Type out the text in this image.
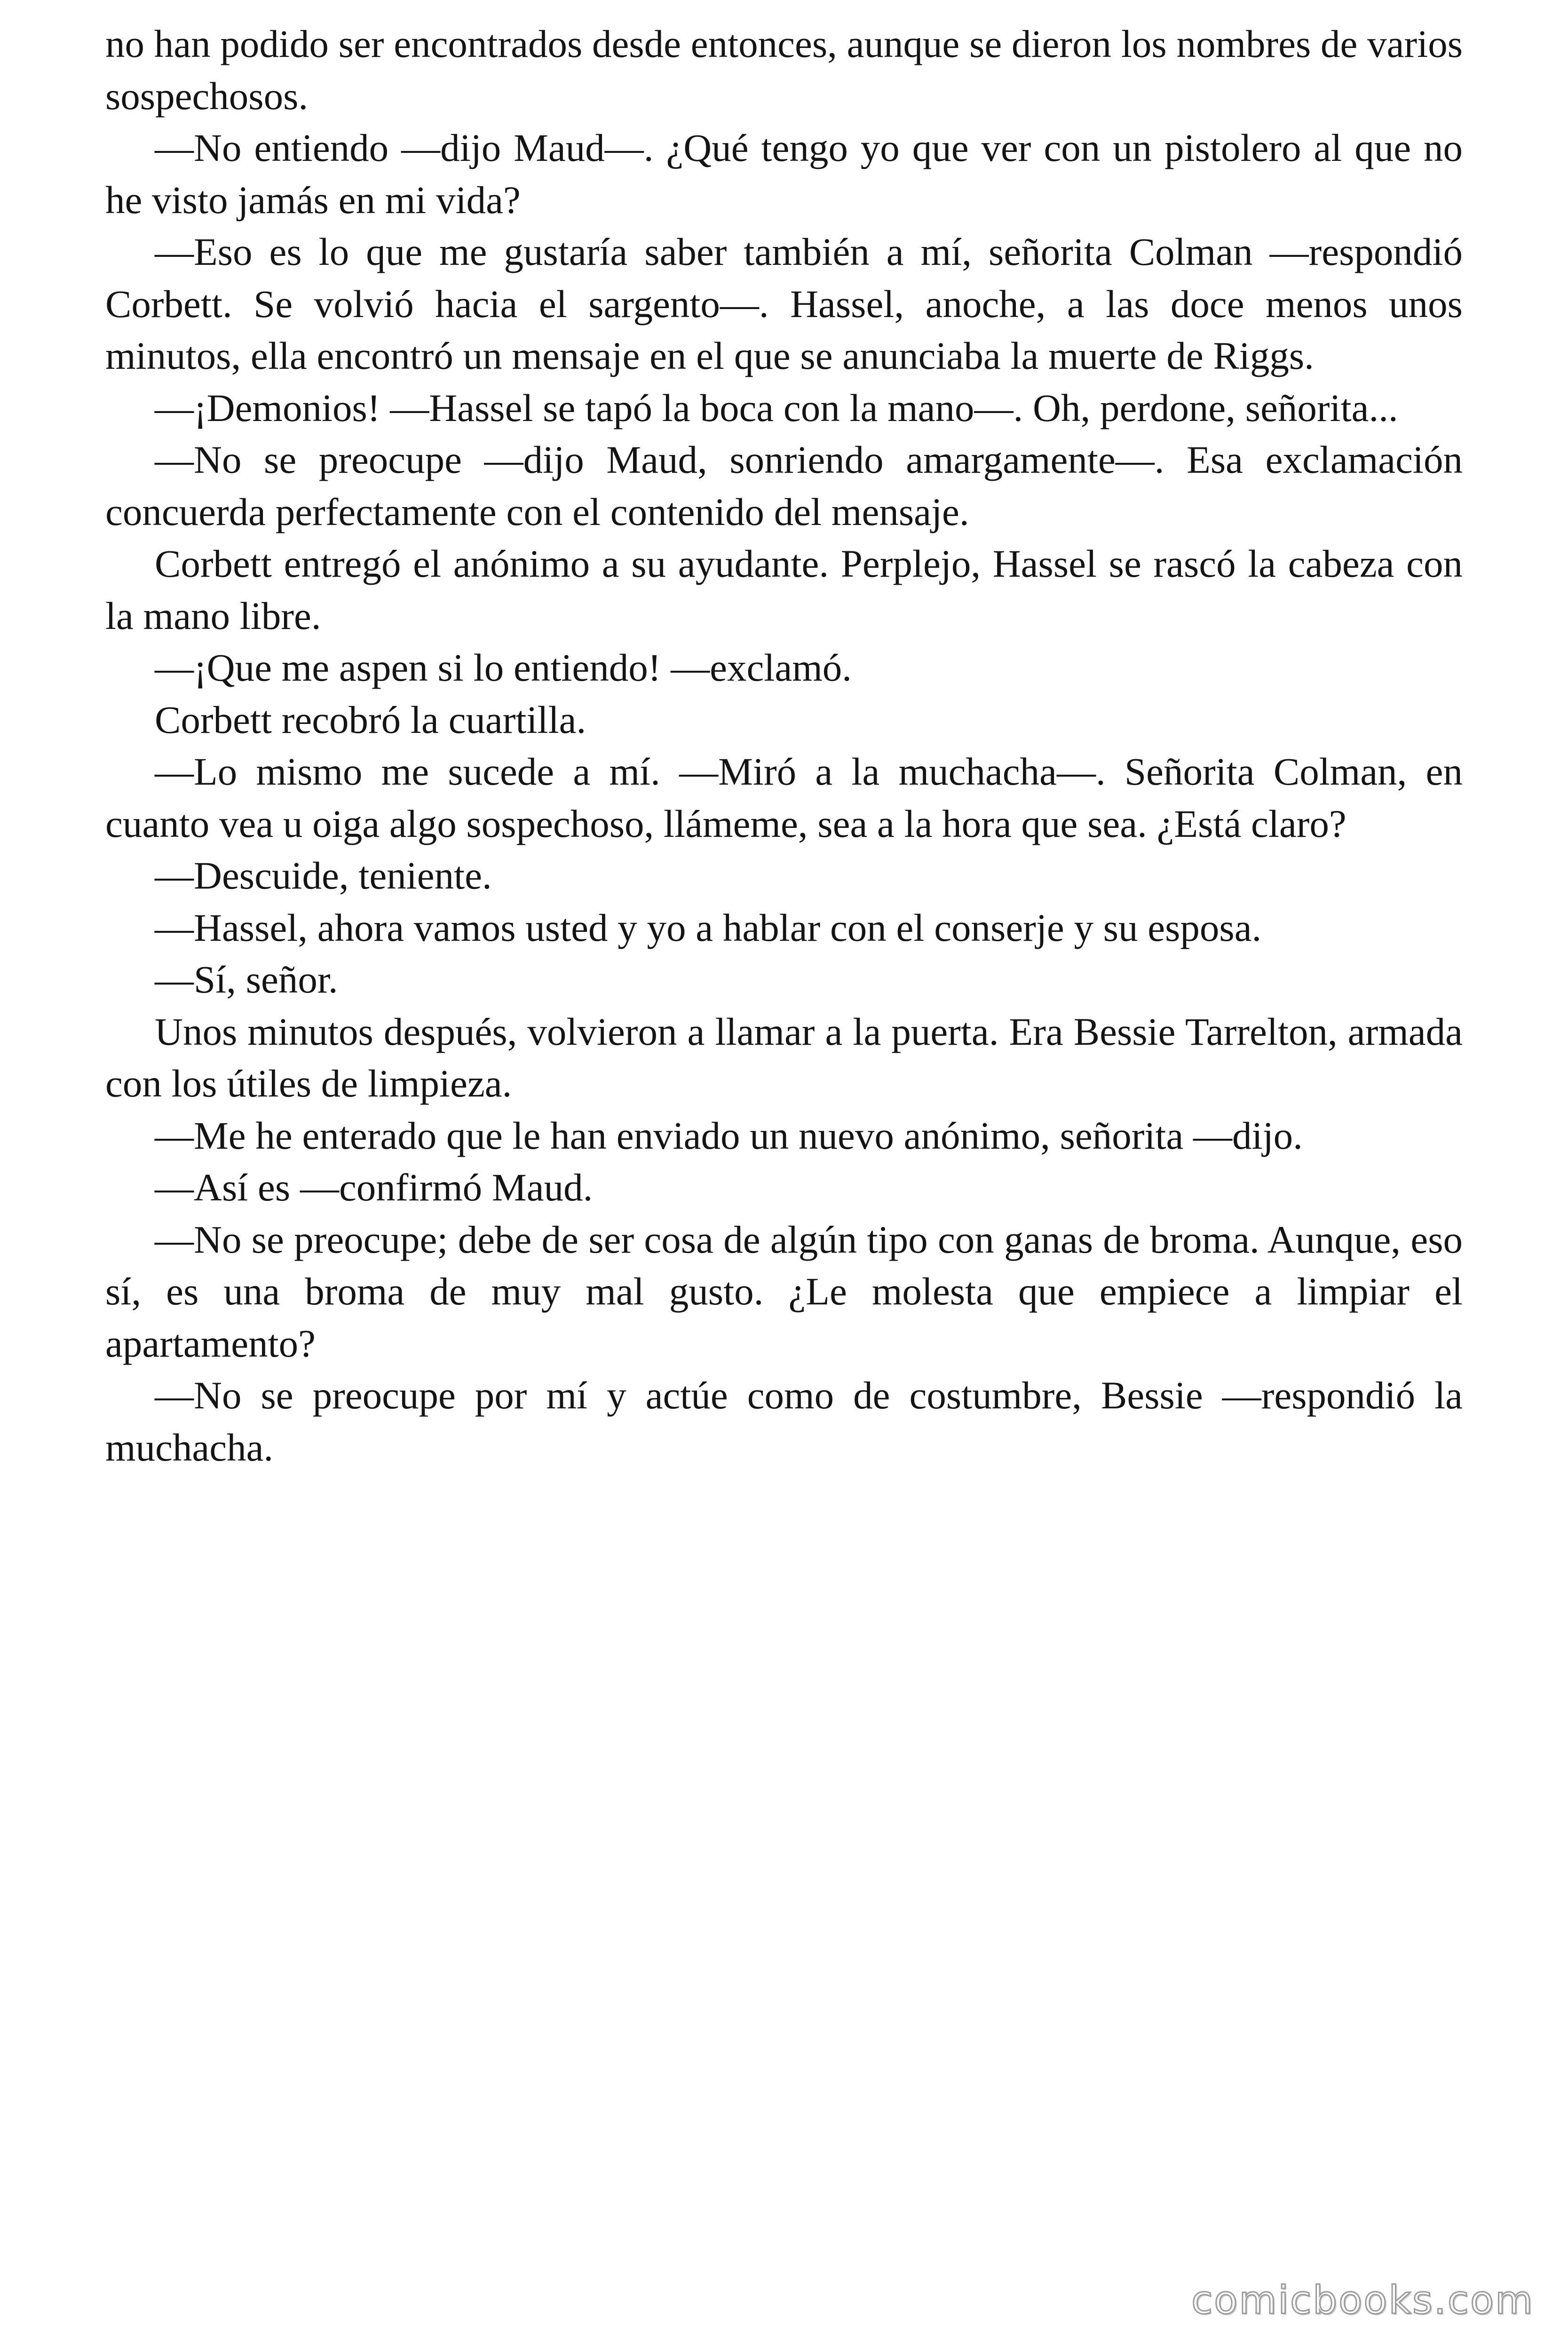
no han podido ser encontrados desde entonces, aunque se dieron los nombres de varios sospechosos.

—No entiendo —dijo Maud—. ¿Qué tengo yo que ver con un pistolero al que no he visto jamás en mi vida?

—Eso es lo que me gustaría saber también a mí, señorita Colman —respondió Corbett. Se volvió hacia el sargento—. Hassel, anoche, a las doce menos unos minutos, ella encontró un mensaje en el que se anunciaba la muerte de Riggs.

—¡Demonios! —Hassel se tapó la boca con la mano—. Oh, perdone, señorita...

—No se preocupe —dijo Maud, sonriendo amargamente—. Esa exclamación concuerda perfectamente con el contenido del mensaje.

Corbett entregó el anónimo a su ayudante. Perplejo, Hassel se rascó la cabeza con la mano libre.

—¡Que me aspen si lo entiendo! —exclamó.

Corbett recobró la cuartilla.

—Lo mismo me sucede a mí. —Miró a la muchacha—. Señorita Colman, en cuanto vea u oiga algo sospechoso, llámeme, sea a la hora que sea. ¿Está claro?

—Descuide, teniente.

—Hassel, ahora vamos usted y yo a hablar con el conserje y su esposa.

—Sí, señor.

Unos minutos después, volvieron a llamar a la puerta. Era Bessie Tarrelton, armada con los útiles de limpieza.

—Me he enterado que le han enviado un nuevo anónimo, señorita —dijo.

—Así es —confirmó Maud.

—No se preocupe; debe de ser cosa de algún tipo con ganas de broma. Aunque, eso sí, es una broma de muy mal gusto. ¿Le molesta que empiece a limpiar el apartamento?

—No se preocupe por mí y actúe como de costumbre, Bessie —respondió la muchacha.

comicbooks.com
